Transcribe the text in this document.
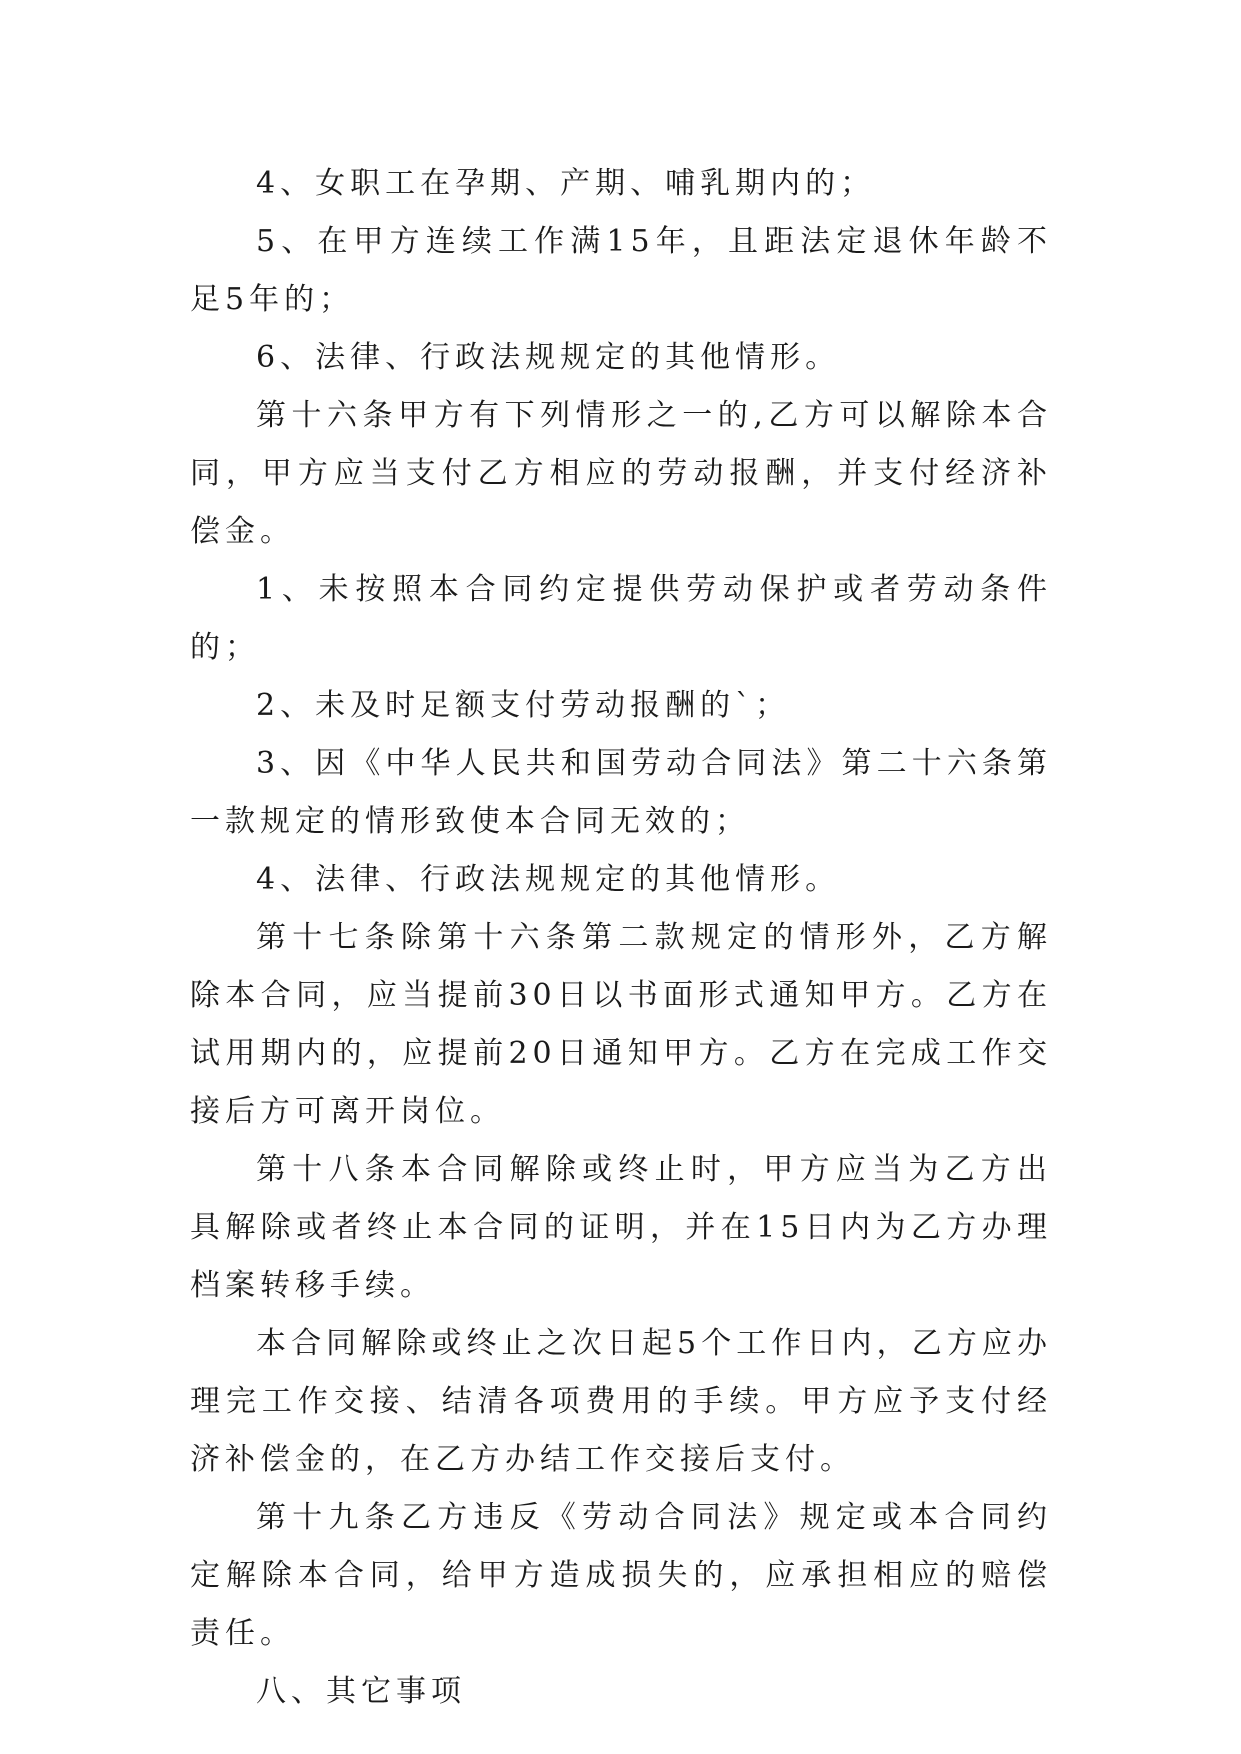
4、女职工在孕期、产期、哺乳期内的；

5、在甲方连续工作满15年，且距法定退休年龄不足5年的；

6、法律、行政法规规定的其他情形。

第十六条甲方有下列情形之一的,乙方可以解除本合同，甲方应当支付乙方相应的劳动报酬，并支付经济补偿金。

1、未按照本合同约定提供劳动保护或者劳动条件的；

2、未及时足额支付劳动报酬的`；

3、因《中华人民共和国劳动合同法》第二十六条第一款规定的情形致使本合同无效的；

4、法律、行政法规规定的其他情形。

第十七条除第十六条第二款规定的情形外，乙方解除本合同，应当提前30日以书面形式通知甲方。乙方在试用期内的，应提前20日通知甲方。乙方在完成工作交接后方可离开岗位。

第十八条本合同解除或终止时，甲方应当为乙方出具解除或者终止本合同的证明，并在15日内为乙方办理档案转移手续。

本合同解除或终止之次日起5个工作日内，乙方应办理完工作交接、结清各项费用的手续。甲方应予支付经济补偿金的，在乙方办结工作交接后支付。

第十九条乙方违反《劳动合同法》规定或本合同约定解除本合同，给甲方造成损失的，应承担相应的赔偿责任。

八、其它事项
